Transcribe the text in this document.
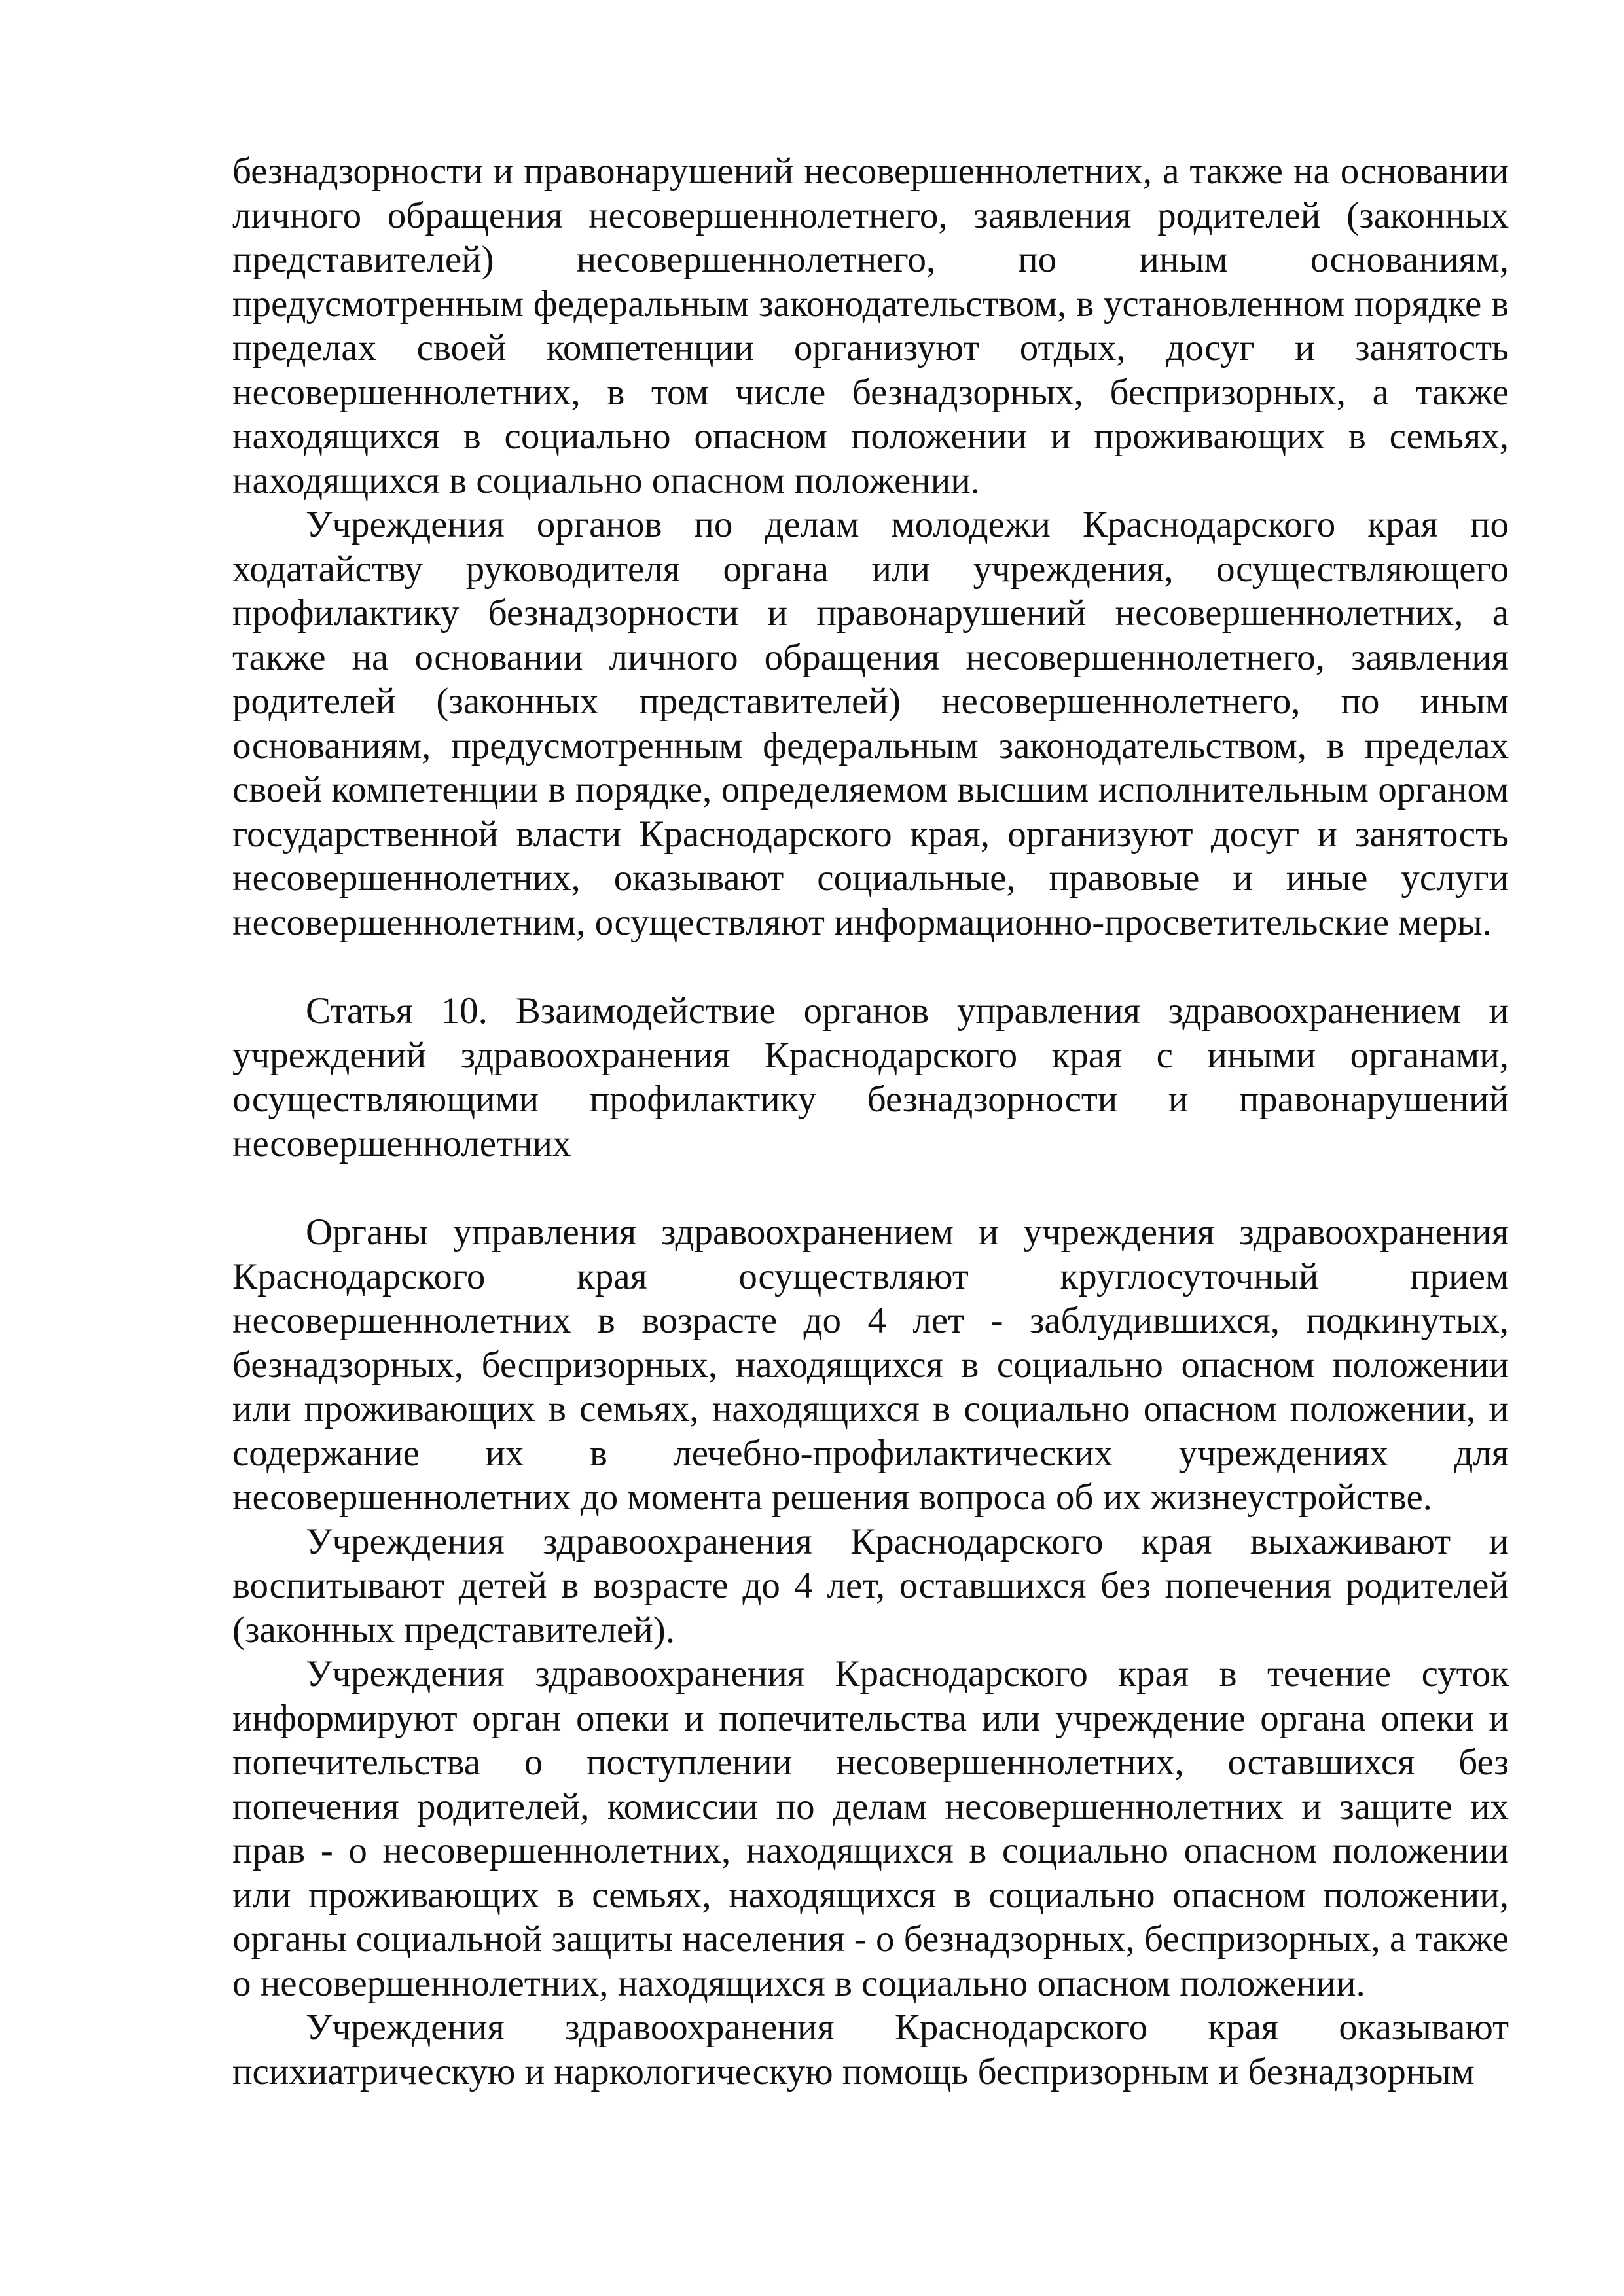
безнадзорности и правонарушений несовершеннолетних, а также на основании личного обращения несовершеннолетнего, заявления родителей (законных представителей) несовершеннолетнего, по иным основаниям, предусмотренным федеральным законодательством, в установленном порядке в пределах своей компетенции организуют отдых, досуг и занятость несовершеннолетних, в том числе безнадзорных, беспризорных, а также находящихся в социально опасном положении и проживающих в семьях, находящихся в социально опасном положении.

Учреждения органов по делам молодежи Краснодарского края по ходатайству руководителя органа или учреждения, осуществляющего профилактику безнадзорности и правонарушений несовершеннолетних, а также на основании личного обращения несовершеннолетнего, заявления родителей (законных представителей) несовершеннолетнего, по иным основаниям, предусмотренным федеральным законодательством, в пределах своей компетенции в порядке, определяемом высшим исполнительным органом государственной власти Краснодарского края, организуют досуг и занятость несовершеннолетних, оказывают социальные, правовые и иные услуги несовершеннолетним, осуществляют информационно-просветительские меры.

Статья 10. Взаимодействие органов управления здравоохранением и учреждений здравоохранения Краснодарского края с иными органами, осуществляющими профилактику безнадзорности и правонарушений несовершеннолетних

Органы управления здравоохранением и учреждения здравоохранения Краснодарского края осуществляют круглосуточный прием несовершеннолетних в возрасте до 4 лет - заблудившихся, подкинутых, безнадзорных, беспризорных, находящихся в социально опасном положении или проживающих в семьях, находящихся в социально опасном положении, и содержание их в лечебно-профилактических учреждениях для несовершеннолетних до момента решения вопроса об их жизнеустройстве.

Учреждения здравоохранения Краснодарского края выхаживают и воспитывают детей в возрасте до 4 лет, оставшихся без попечения родителей (законных представителей).

Учреждения здравоохранения Краснодарского края в течение суток информируют орган опеки и попечительства или учреждение органа опеки и попечительства о поступлении несовершеннолетних, оставшихся без попечения родителей, комиссии по делам несовершеннолетних и защите их прав - о несовершеннолетних, находящихся в социально опасном положении или проживающих в семьях, находящихся в социально опасном положении, органы социальной защиты населения - о безнадзорных, беспризорных, а также о несовершеннолетних, находящихся в социально опасном положении.

Учреждения здравоохранения Краснодарского края оказывают психиатрическую и наркологическую помощь беспризорным и безнадзорным
